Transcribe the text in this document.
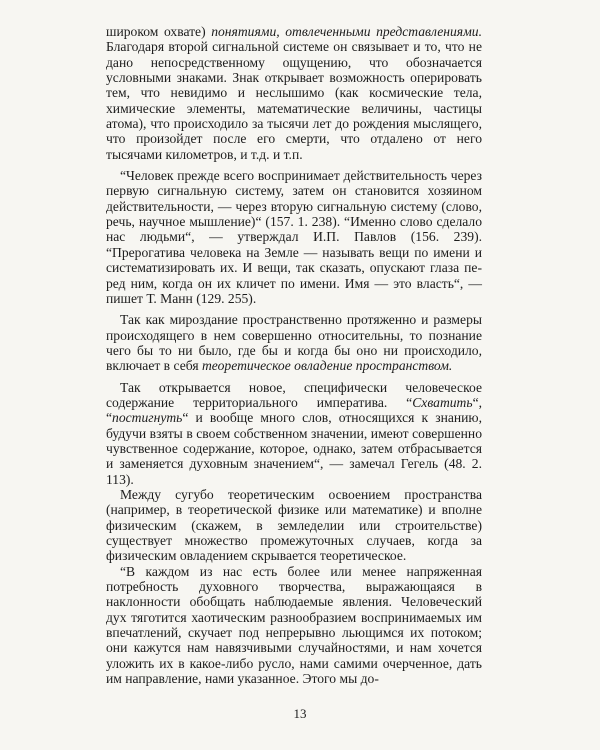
широком охвате) понятиями, отвлеченными представлениями. Благодаря второй сигнальной системе он связывает и то, что не дано непосредственному ощущению, что обозначается условными знаками. Знак открывает возможность оперировать тем, что невидимо и неслышимо (как космические тела, химические элементы, математические величины, частицы атома), что происходило за тысячи лет до рождения мыслящего, что произойдет после его смерти, что отдалено от него тысячами километров, и т.д. и т.п.

“Человек прежде всего воспринимает действительность через первую сигнальную систему, затем он становится хозяином действительности, — через вторую сигнальную систему (слово, речь, научное мышление)“ (157. 1. 238). “Именно слово сделало нас людьми“, — утверждал И.П. Павлов (156. 239). “Прерогатива человека на Земле — называть вещи по имени и систематизировать их. И вещи, так сказать, опускают глаза перед ним, когда он их кличет по имени. Имя — это власть“, — пишет Т. Манн (129. 255).

Так как мироздание пространственно протяженно и размеры происходящего в нем совершенно относительны, то познание чего бы то ни было, где бы и когда бы оно ни происходило, включает в себя теоретическое овладение пространством.

Так открывается новое, специфически человеческое содержание территориального императива. “Схватить“, “постигнуть“ и вообще много слов, относящихся к знанию, будучи взяты в своем собственном значении, имеют совершенно чувственное содержание, которое, однако, затем отбрасывается и заменяется духовным значением“, — замечал Гегель (48. 2. 113).

Между сугубо теоретическим освоением пространства (например, в теоретической физике или математике) и вполне физическим (скажем, в земледелии или строительстве) существует множество промежуточных случаев, когда за физическим овладением скрывается теоретическое.

“В каждом из нас есть более или менее напряженная потребность духовного творчества, выражающаяся в наклонности обобщать наблюдаемые явления. Человеческий дух тяготится хаотическим разнообразием воспринимаемых им впечатлений, скучает под непрерывно льющимся их потоком; они кажутся нам навязчивыми случайностями, и нам хочется уложить их в какое-либо русло, нами самими очерченное, дать им направление, нами указанное. Этого мы до-

13
